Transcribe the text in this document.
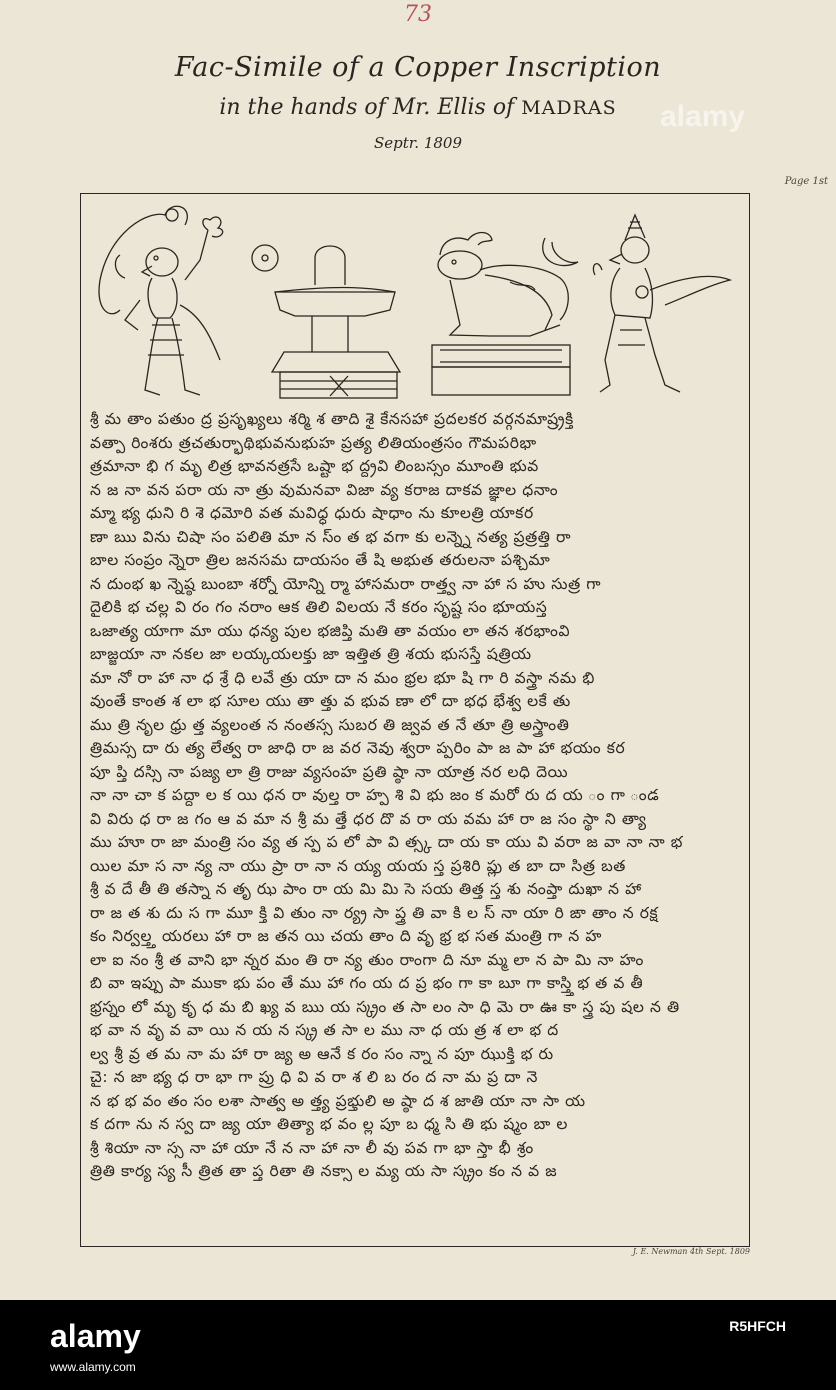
73
Fac-Simile of a Copper Inscription
in the hands of Mr. Ellis of MADRAS
Septr. 1809
Page 1st
శ్రీ మ తాం పతుం ద్ర ప్రసృఖ్యలు శర్మి శ తాది శై కేనసహా ప్రదలకర వర్గనమాష్ర్రక్తి
వత్పా రింశరు త్రచతుర్భాథిభువనుభుహ ప్రత్య లితియంత్రసం గౌమపరిభా
త్రమానా భి గ మృ లిత్ర భావనత్రసే ఒష్టా భ ద్ద్రవి లింబస్సం మూంతి భువ
న జ నా వన పరా య నా త్రు వుమనవా విజా వ్య కరాజ దాకవ జ్ఞాల ధనాం
మ్మా భ్య ధుని రి శె ధమోరి వత మవిధ్ధ ధురు షాధాం ను కూలత్రి యాకర
ణా ఋ విను చిషా సం పలితి మా న స్ం త భ వగా కు లన్న్నె నత్య ప్రత్రత్తి రా
బాల సంప్రం న్నెరా త్రిల జనసమ దాయసం తే షి అభుత తరులనా పశ్చిమా
న దుంభ ఖ న్నెష్ఠ బుంబా శర్నో యోన్ని ర్మా హాసమరా రాత్త్వ నా హా స హు సుత్ర గా
దైలికి భ చల్ల వి రం గం నరాం ఆక తిలి విలయ నే కరం సృష్ట సం భూయస్త
ఒజాత్య యాగా మా యు ధన్య పుల భజిప్తి మతి తా వయం లా తన శరభాంవి
బాజ్జయా నా నకల జా లయ్కయలక్తు జా ఇత్తిత త్రి శయ భుసస్తే షత్రియ
మా నో రా హా నా ధ శ్రే ధి లవే త్రు యా దా న మం భ్రల భూ షి గా రి వస్త్రా నమ భి
వుంతే కాంత శ లా భ సూల యు తా త్తు వ భువ ణా లో దా భధ భేశ్వ లకే తు
ము త్రి నృల ధ్రు త్త వ్యలంత న నంతస్స సుబర తి జ్వవ త నే తూ త్రి అస్త్రాంతి
త్రిమస్స దా రు త్య లేత్వ రా జాధి రా జ వర నెవు శ్వరా ప్పరిం పా జ పా హా భయం కర
పూ ప్తి దస్సి నా పజ్య లా త్రి రాజు వ్యసంహ ప్రతి ష్ఠా నా యాత్ర నర లధి దెయి
నా నా చా క పద్దా ల క యి ధన రా వుల్త రా హ్ప శి వి భు జం క మరో రు ద య ం గా ండ
వి విరు ధ రా జ గం ఆ వ మా న శ్రీ మ త్తే ధర దొ వ రా య వమ హా రా జ సం స్థా ని త్యా
ము హూ రా జా మంత్రి సం వ్య త స్ప ప లో పా వి త్స్క దా య కా యు వి వరా జ వా నా నా భ
యిల మా స నా న్య నా యు ప్రా రా నా న య్య యయ స్త ప్రశిరి ప్లు త బా దా సిత్ర బత
శ్రీ వ దే తీ తి తస్నా న తృ ఝ పాం రా య మి మి సె సయ తిత్త స్త శు నంప్తా దుఖా న హా
రా జ త శు దు స గా మూ క్తి వి తుం నా ర్య్ర సా ప్త్ర తి వా కి ల స్ నా యా రి ఙా తాం న రక్ష
కం నిర్వల్త్త యరలు హా రా జ తన యి చయ తాం ది వృ భ్ర భ సత మంత్రి గా న హ
లా ఐ నం శ్రీ త వాని భా న్నర మం తి రా న్య తుం రాంగా ది నూ మ్మ లా న పా మి నా హం
బి వా ఇప్పు పా ముకా భు పం తే ము హా గం య ద ప్ర భం గా కా బూ గా కాస్త్త్రి భ త వ తీ
భ్రస్నం లో మృ కృ ధ మ బి ఖ్య వ ఋ య స్క్రం త సా లం సా ధి మె రా ఊ కా స్త్ర పు షల న తి
భ వా న వృ వ వా యి న య న స్క్ర త సా ల ము నా ధ య త్ర శ లా భ ద
ల్వ శ్రీ వ్ర త మ నా మ హా రా జ్య అ ఆనే క రం సం న్నా న పూ ఝుక్తి భ రు
చై: న జా భ్య ధ రా భా గా ప్రు ధి వి వ రా శ లి బ రం ద నా మ ప్ర దా నె
న భ భ వం తం సం లశా సాత్వ అ త్త్య ప్రభ్తులి అ ష్ఠా ద శ జాతి యా నా సా య
క దగా ను న స్వ దా జ్య యా తిత్యా భ వం ల్ల పూ బ ధ్మ సి తి భు ష్మం బా ల
శ్రీ శియా నా స్స నా హా యా నే న నా హా నా లీ వు పవ గా భా స్తా భీ శ్రం
త్రితి కార్య స్య సీ త్రిత తా ప్త రితా తి నక్సా ల మ్య య సా స్క్రం కం న వ జ
J. E. Newman 4th Sept. 1809
alamy
alamy
www.alamy.com
R5HFCH
